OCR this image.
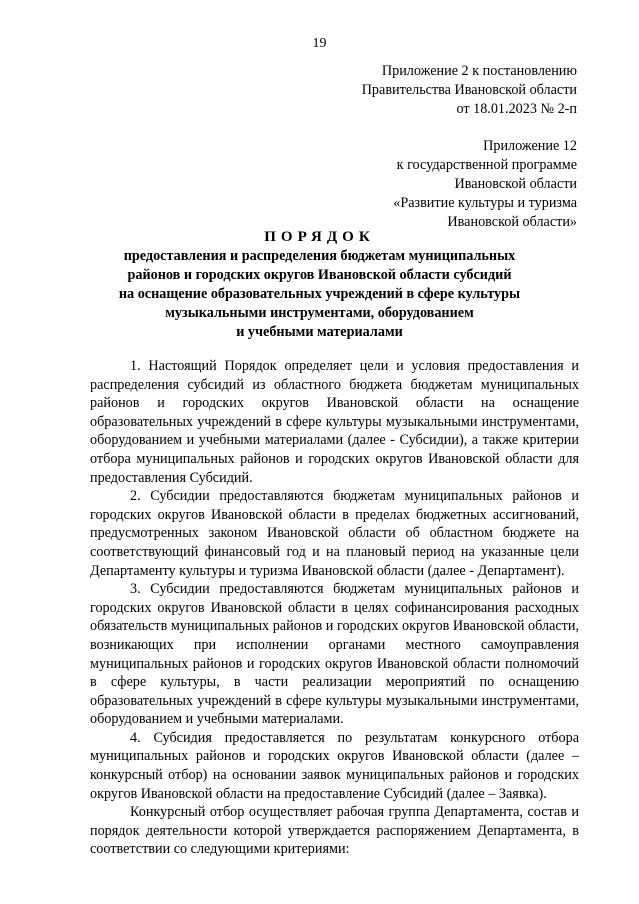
19
Приложение 2 к постановлению
Правительства Ивановской области
от 18.01.2023 № 2-п
Приложение 12
к государственной программе
Ивановской области
«Развитие культуры и туризма
Ивановской области»
ПОРЯДОК
предоставления и распределения бюджетам муниципальных
районов и городских округов Ивановской области субсидий
на оснащение образовательных учреждений в сфере культуры
музыкальными инструментами, оборудованием
и учебными материалами

1. Настоящий Порядок определяет цели и условия предоставления и распределения субсидий из областного бюджета бюджетам муниципальных районов и городских округов Ивановской области на оснащение образовательных учреждений в сфере культуры музыкальными инструментами, оборудованием и учебными материалами (далее - Субсидии), а также критерии отбора муниципальных районов и городских округов Ивановской области для предоставления Субсидий.

2. Субсидии предоставляются бюджетам муниципальных районов и городских округов Ивановской области в пределах бюджетных ассигнований, предусмотренных законом Ивановской области об областном бюджете на соответствующий финансовый год и на плановый период на указанные цели Департаменту культуры и туризма Ивановской области (далее - Департамент).

3. Субсидии предоставляются бюджетам муниципальных районов и городских округов Ивановской области в целях софинансирования расходных обязательств муниципальных районов и городских округов Ивановской области, возникающих при исполнении органами местного самоуправления муниципальных районов и городских округов Ивановской области полномочий в сфере культуры, в части реализации мероприятий по оснащению образовательных учреждений в сфере культуры музыкальными инструментами, оборудованием и учебными материалами.

4. Субсидия предоставляется по результатам конкурсного отбора муниципальных районов и городских округов Ивановской области (далее – конкурсный отбор) на основании заявок муниципальных районов и городских округов Ивановской области на предоставление Субсидий (далее – Заявка).

Конкурсный отбор осуществляет рабочая группа Департамента, состав и порядок деятельности которой утверждается распоряжением Департамента, в соответствии со следующими критериями:
